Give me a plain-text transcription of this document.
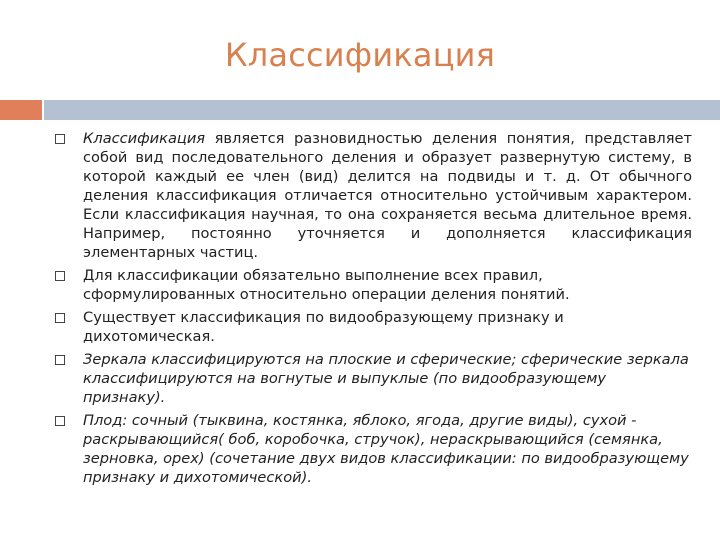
Классификация
Классификация является разновидностью деления понятия, представляет собой вид последовательного деления и образует развернутую систему, в которой каждый ее член (вид) делится на подвиды и т. д. От обычного деления классификация отличается относительно устойчивым характером. Если классификация научная, то она сохраняется весьма длительное время. Например, постоянно уточняется и дополняется классификация элементарных частиц.
Для классификации обязательно выполнение всех правил, сформулированных относительно операции деления понятий.
Существует классификация по видообразующему признаку и дихотомическая.
Зеркала классифицируются на плоские и сферические; сферические зеркала классифицируются на вогнутые и выпуклые (по видообразующему признаку).
Плод: сочный (тыквина, костянка, яблоко, ягода, другие виды), сухой - раскрывающийся( боб, коробочка, стручок), нераскрывающийся (семянка, зерновка, орех) (сочетание двух видов классификации: по видообразующему признаку и дихотомической).
